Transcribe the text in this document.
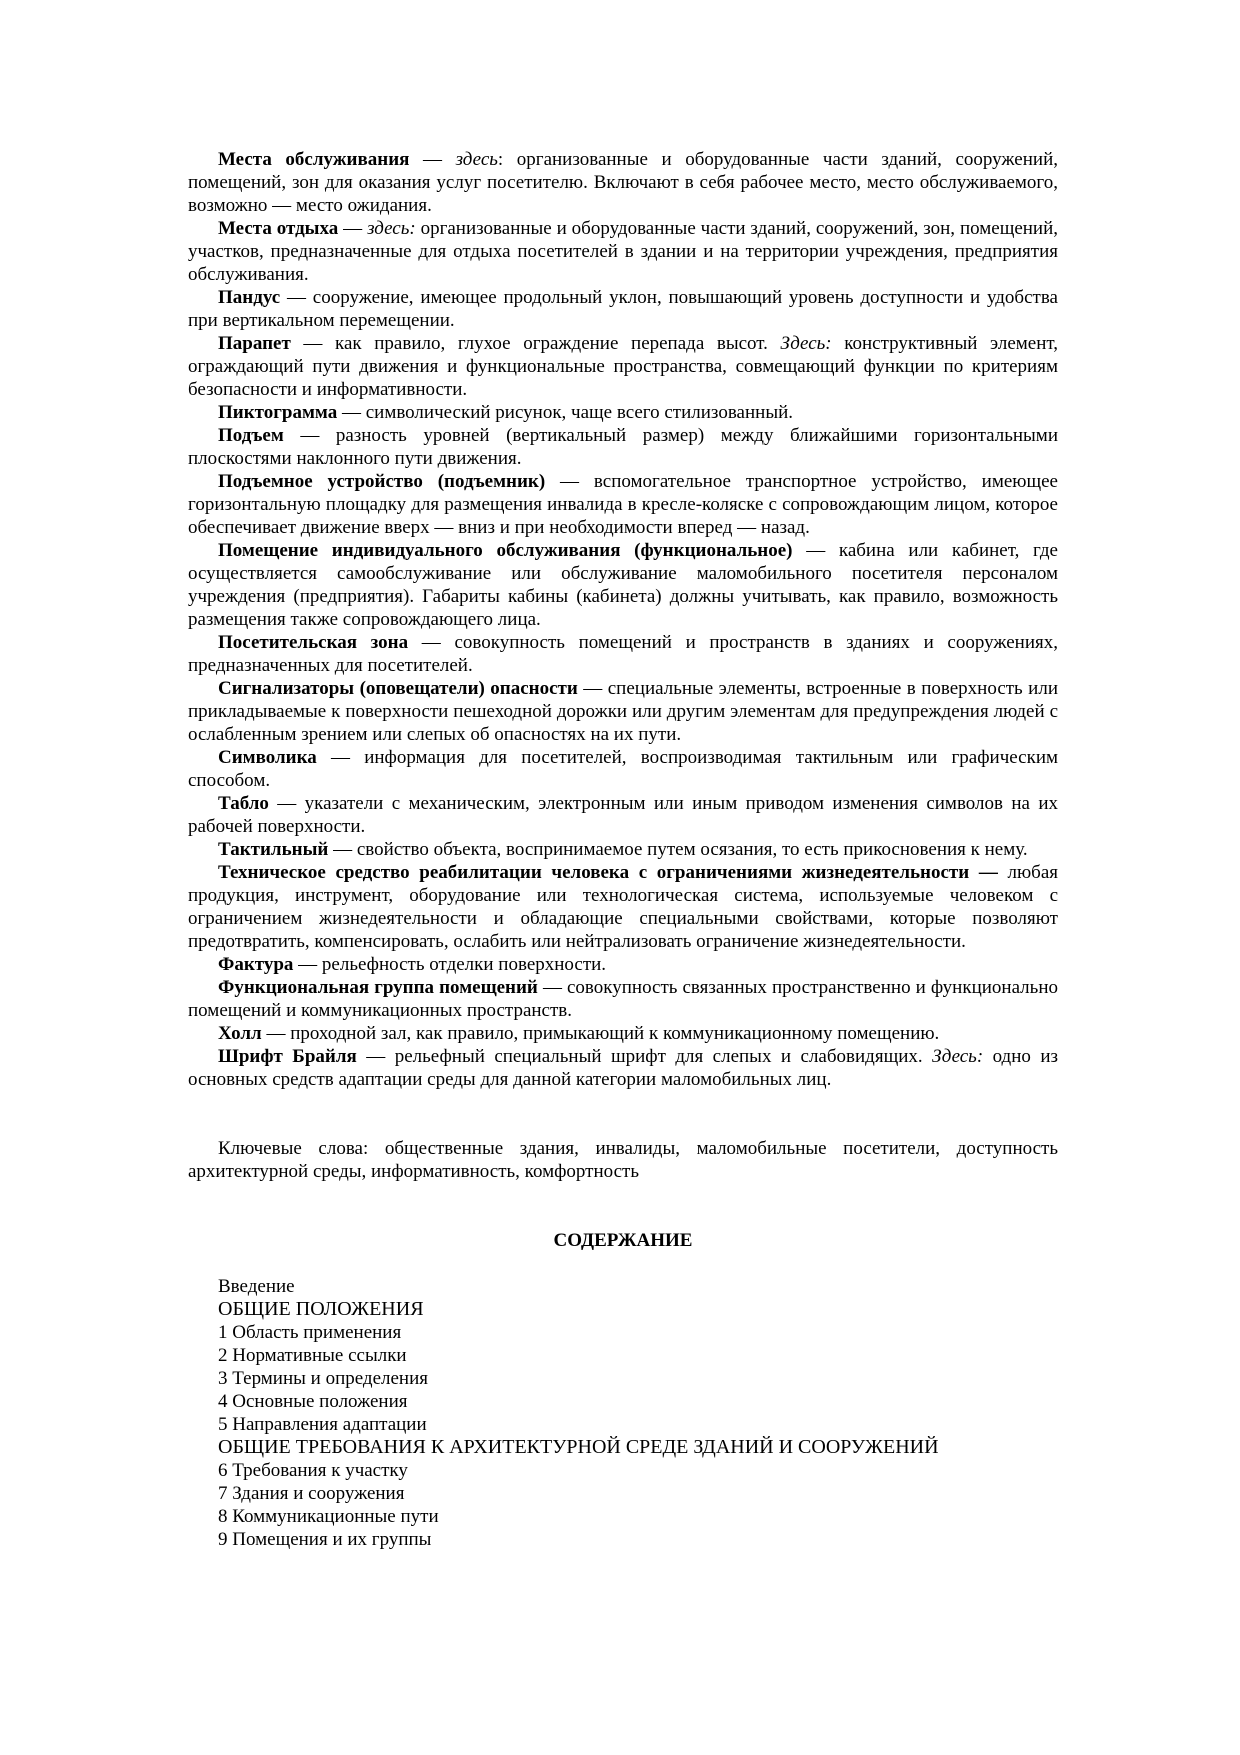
Места обслуживания — здесь: организованные и оборудованные части зданий, сооружений, помещений, зон для оказания услуг посетителю. Включают в себя рабочее место, место обслуживаемого, возможно — место ожидания.

Места отдыха — здесь: организованные и оборудованные части зданий, сооружений, зон, помещений, участков, предназначенные для отдыха посетителей в здании и на территории учреждения, предприятия обслуживания.

Пандус — сооружение, имеющее продольный уклон, повышающий уровень доступности и удобства при вертикальном перемещении.

Парапет — как правило, глухое ограждение перепада высот. Здесь: конструктивный элемент, ограждающий пути движения и функциональные пространства, совмещающий функции по критериям безопасности и информативности.

Пиктограмма — символический рисунок, чаще всего стилизованный.

Подъем — разность уровней (вертикальный размер) между ближайшими горизонтальными плоскостями наклонного пути движения.

Подъемное устройство (подъемник) — вспомогательное транспортное устройство, имеющее горизонтальную площадку для размещения инвалида в кресле-коляске с сопровождающим лицом, которое обеспечивает движение вверх — вниз и при необходимости вперед — назад.

Помещение индивидуального обслуживания (функциональное) — кабина или кабинет, где осуществляется самообслуживание или обслуживание маломобильного посетителя персоналом учреждения (предприятия). Габариты кабины (кабинета) должны учитывать, как правило, возможность размещения также сопровождающего лица.

Посетительская зона — совокупность помещений и пространств в зданиях и сооружениях, предназначенных для посетителей.

Сигнализаторы (оповещатели) опасности — специальные элементы, встроенные в поверхность или прикладываемые к поверхности пешеходной дорожки или другим элементам для предупреждения людей с ослабленным зрением или слепых об опасностях на их пути.

Символика — информация для посетителей, воспроизводимая тактильным или графическим способом.

Табло — указатели с механическим, электронным или иным приводом изменения символов на их рабочей поверхности.

Тактильный — свойство объекта, воспринимаемое путем осязания, то есть прикосновения к нему.

Техническое средство реабилитации человека с ограничениями жизнедеятельности — любая продукция, инструмент, оборудование или технологическая система, используемые человеком с ограничением жизнедеятельности и обладающие специальными свойствами, которые позволяют предотвратить, компенсировать, ослабить или нейтрализовать ограничение жизнедеятельности.

Фактура — рельефность отделки поверхности.

Функциональная группа помещений — совокупность связанных пространственно и функционально помещений и коммуникационных пространств.

Холл — проходной зал, как правило, примыкающий к коммуникационному помещению.

Шрифт Брайля — рельефный специальный шрифт для слепых и слабовидящих. Здесь: одно из основных средств адаптации среды для данной категории маломобильных лиц.

Ключевые слова: общественные здания, инвалиды, маломобильные посетители, доступность архитектурной среды, информативность, комфортность

СОДЕРЖАНИЕ
Введение
ОБЩИЕ ПОЛОЖЕНИЯ
1 Область применения
2 Нормативные ссылки
3 Термины и определения
4 Основные положения
5 Направления адаптации
ОБЩИЕ ТРЕБОВАНИЯ К АРХИТЕКТУРНОЙ СРЕДЕ ЗДАНИЙ И СООРУЖЕНИЙ
6 Требования к участку
7 Здания и сооружения
8 Коммуникационные пути
9 Помещения и их группы
